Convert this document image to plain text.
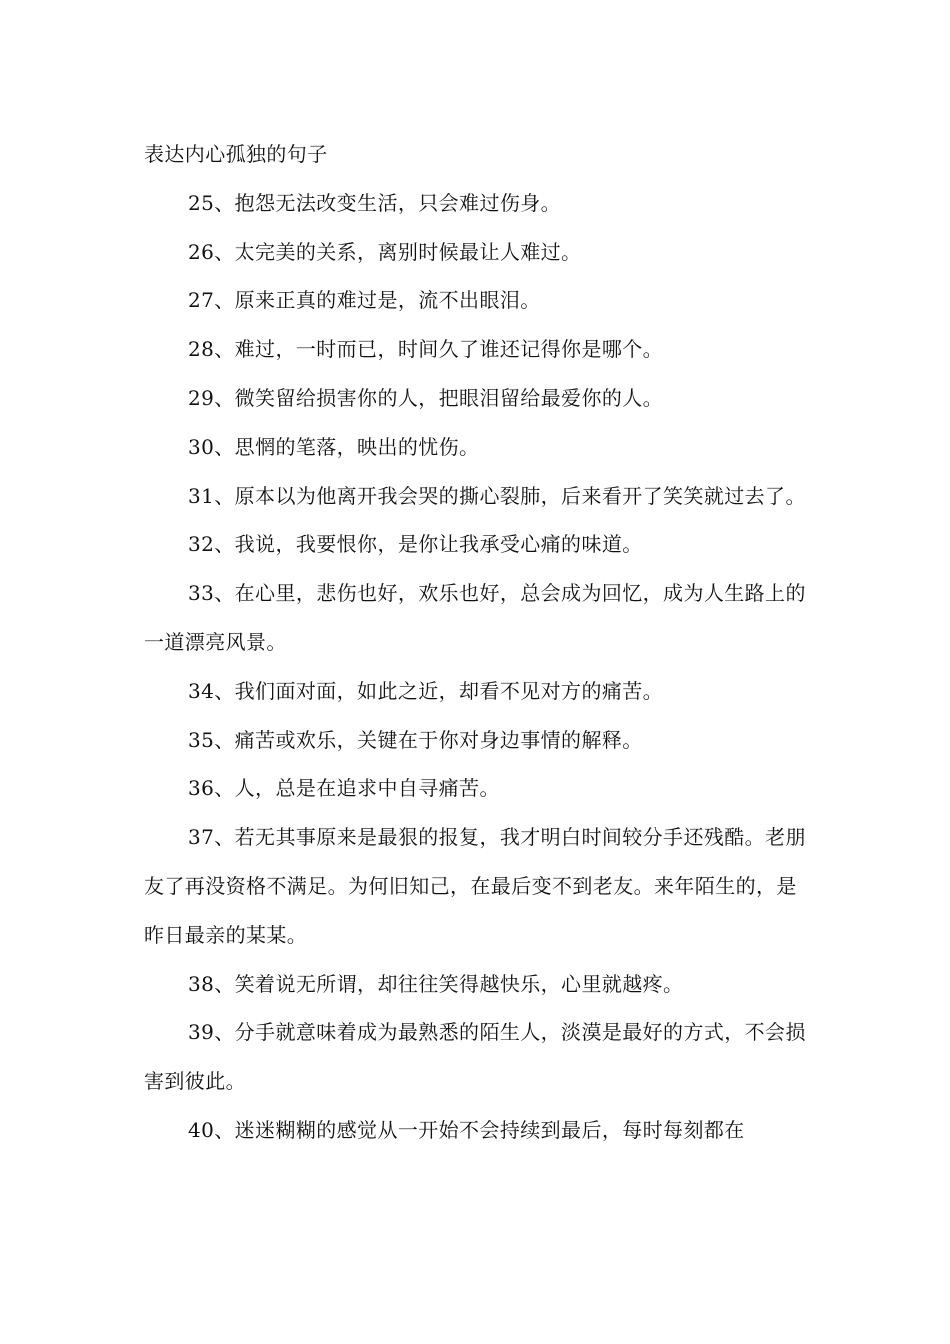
表达内心孤独的句子

25、抱怨无法改变生活，只会难过伤身。

26、太完美的关系，离别时候最让人难过。

27、原来正真的难过是，流不出眼泪。

28、难过，一时而已，时间久了谁还记得你是哪个。

29、微笑留给损害你的人，把眼泪留给最爱你的人。

30、思惘的笔落，映出的忧伤。

31、原本以为他离开我会哭的撕心裂肺，后来看开了笑笑就过去了。

32、我说，我要恨你，是你让我承受心痛的味道。

33、在心里，悲伤也好，欢乐也好，总会成为回忆，成为人生路上的一道漂亮风景。

34、我们面对面，如此之近，却看不见对方的痛苦。

35、痛苦或欢乐，关键在于你对身边事情的解释。

36、人，总是在追求中自寻痛苦。

37、若无其事原来是最狠的报复，我才明白时间较分手还残酷。老朋友了再没资格不满足。为何旧知己，在最后变不到老友。来年陌生的，是昨日最亲的某某。

38、笑着说无所谓，却往往笑得越快乐，心里就越疼。

39、分手就意味着成为最熟悉的陌生人，淡漠是最好的方式，不会损害到彼此。

40、迷迷糊糊的感觉从一开始不会持续到最后，每时每刻都在
